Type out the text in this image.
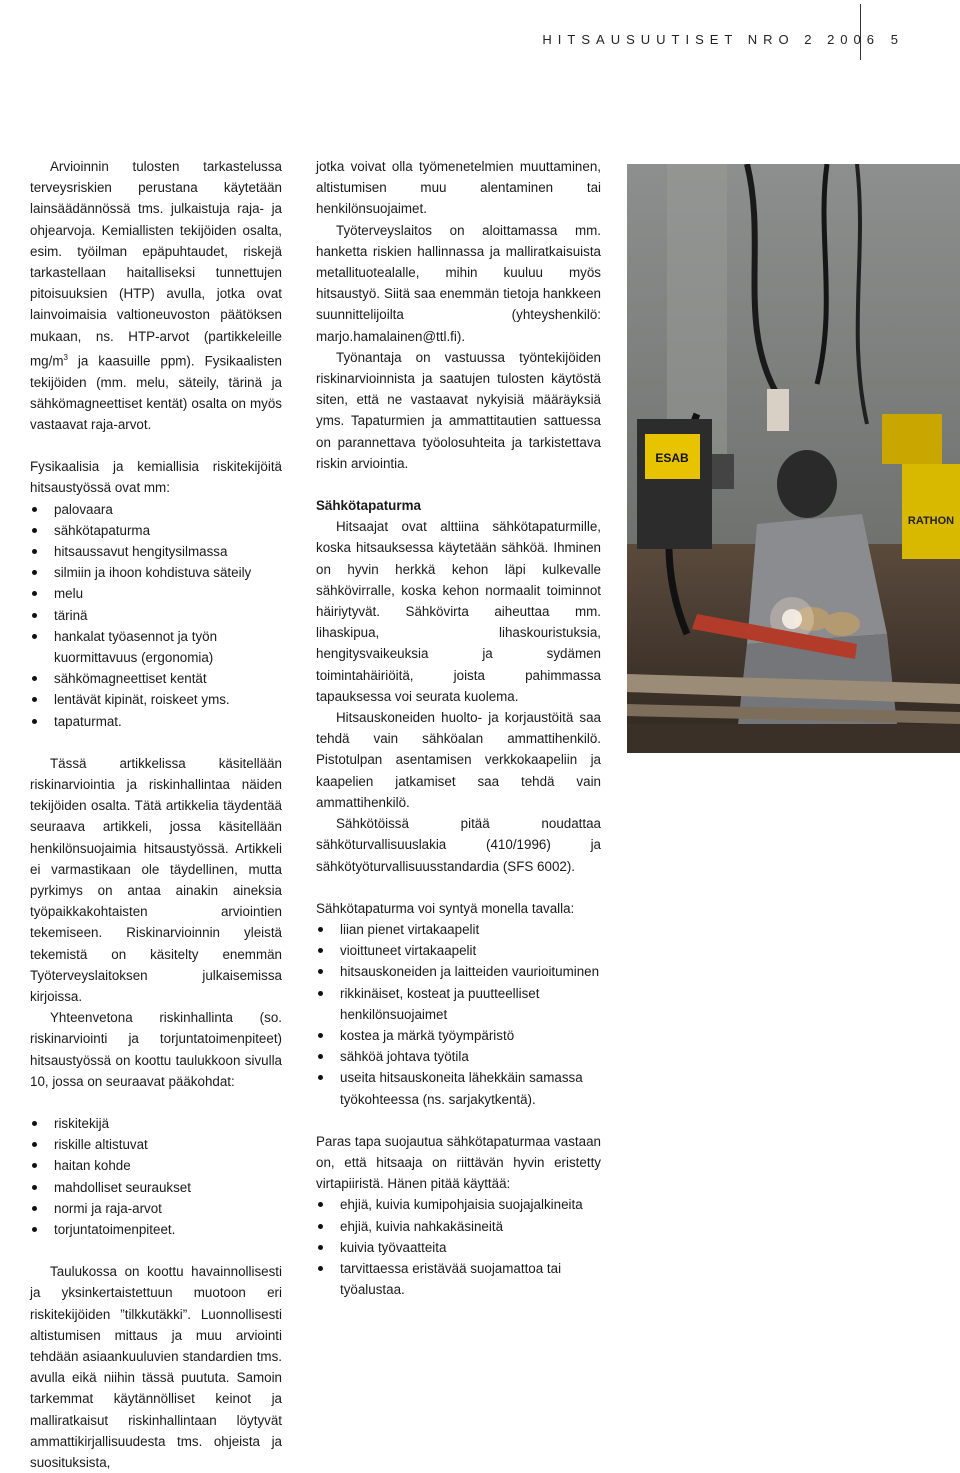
HITSAUSUUTISET NRO 2 2006 5

Arvioinnin tulosten tarkastelussa terveysriskien perustana käytetään lainsäädännössä tms. julkaistuja raja- ja ohjearvoja. Kemiallisten tekijöiden osalta, esim. työilman epäpuhtaudet, riskejä tarkastellaan haitalliseksi tunnettujen pitoisuuksien (HTP) avulla, jotka ovat lainvoimaisia valtioneuvoston päätöksen mukaan, ns. HTP-arvot (partikkeleille $mg/m^3$ ja kaasuille ppm). Fysikaalisten tekijöiden (mm. melu, säteily, tärinä ja sähkömagneettiset kentät) osalta on myös vastaavat raja-arvot.

Fysikaalisia ja kemiallisia riskitekijöitä hitsaustyössä ovat mm:

palovaara
sähkötapaturma
hitsaussavut hengitysilmassa
silmiin ja ihoon kohdistuva säteily
melu
tärinä
hankalat työasennot ja työn kuormittavuus (ergonomia)
sähkömagneettiset kentät
lentävät kipinät, roiskeet yms.
tapaturmat.

Tässä artikkelissa käsitellään riskinarviointia ja riskinhallintaa näiden tekijöiden osalta. Tätä artikkelia täydentää seuraava artikkeli, jossa käsitellään henkilönsuojaimia hitsaustyössä. Artikkeli ei varmastikaan ole täydellinen, mutta pyrkimys on antaa ainakin aineksia työpaikkakohtaisten arviointien tekemiseen. Riskinarvioinnin yleistä tekemistä on käsitelty enemmän Työterveyslaitoksen julkaisemissa kirjoissa.

Yhteenvetona riskinhallinta (so. riskinarviointi ja torjuntatoimenpiteet) hitsaustyössä on koottu taulukkoon sivulla 10, jossa on seuraavat pääkohdat:

riskitekijä
riskille altistuvat
haitan kohde
mahdolliset seuraukset
normi ja raja-arvot
torjuntatoimenpiteet.

Taulukossa on koottu havainnollisesti ja yksinkertaistettuun muotoon eri riskitekijöiden ”tilkkutäkki”. Luonnollisesti altistumisen mittaus ja muu arviointi tehdään asiaankuuluvien standardien tms. avulla eikä niihin tässä puututa. Samoin tarkemmat käytännölliset keinot ja malliratkaisut riskinhallintaan löytyvät ammattikirjallisuudesta tms. ohjeista ja suosituksista,

jotka voivat olla työmenetelmien muuttaminen, altistumisen muu alentaminen tai henkilönsuojaimet.

Työterveyslaitos on aloittamassa mm. hanketta riskien hallinnassa ja malliratkaisuista metallituotealalle, mihin kuuluu myös hitsaustyö. Siitä saa enemmän tietoja hankkeen suunnittelijoilta (yhteyshenkilö: marjo.hamalainen@ttl.fi).

Työnantaja on vastuussa työntekijöiden riskinarvioinnista ja saatujen tulosten käytöstä siten, että ne vastaavat nykyisiä määräyksiä yms. Tapaturmien ja ammattitautien sattuessa on parannettava työolosuhteita ja tarkistettava riskin arviointia.

Sähkötapaturma

Hitsaajat ovat alttiina sähkötapaturmille, koska hitsauksessa käytetään sähköä. Ihminen on hyvin herkkä kehon läpi kulkevalle sähkövirralle, koska kehon normaalit toiminnot häiriytyvät. Sähkövirta aiheuttaa mm. lihaskipua, lihaskouristuksia, hengitysvaikeuksia ja sydämen toimintahäiriöitä, joista pahimmassa tapauksessa voi seurata kuolema.

Hitsauskoneiden huolto- ja korjaustöitä saa tehdä vain sähköalan ammattihenkilö. Pistotulpan asentamisen verkkokaapeliin ja kaapelien jatkamiset saa tehdä vain ammattihenkilö.

Sähkötöissä pitää noudattaa sähköturvallisuuslakia (410/1996) ja sähkötyöturvallisuusstandardia (SFS 6002).

Sähkötapaturma voi syntyä monella tavalla:

liian pienet virtakaapelit
vioittuneet virtakaapelit
hitsauskoneiden ja laitteiden vaurioituminen
rikkinäiset, kosteat ja puutteelliset henkilönsuojaimet
kostea ja märkä työympäristö
sähköä johtava työtila
useita hitsauskoneita lähekkäin samassa työkohteessa (ns. sarjakytkentä).

Paras tapa suojautua sähkötapaturmaa vastaan on, että hitsaaja on riittävän hyvin eristetty virtapiiristä. Hänen pitää käyttää:

ehjiä, kuivia kumipohjaisia suojajalkineita
ehjiä, kuivia nahkakäsineitä
kuivia työvaatteita
tarvittaessa eristävää suojamattoa tai työalustaa.
ESAB
RATHON
